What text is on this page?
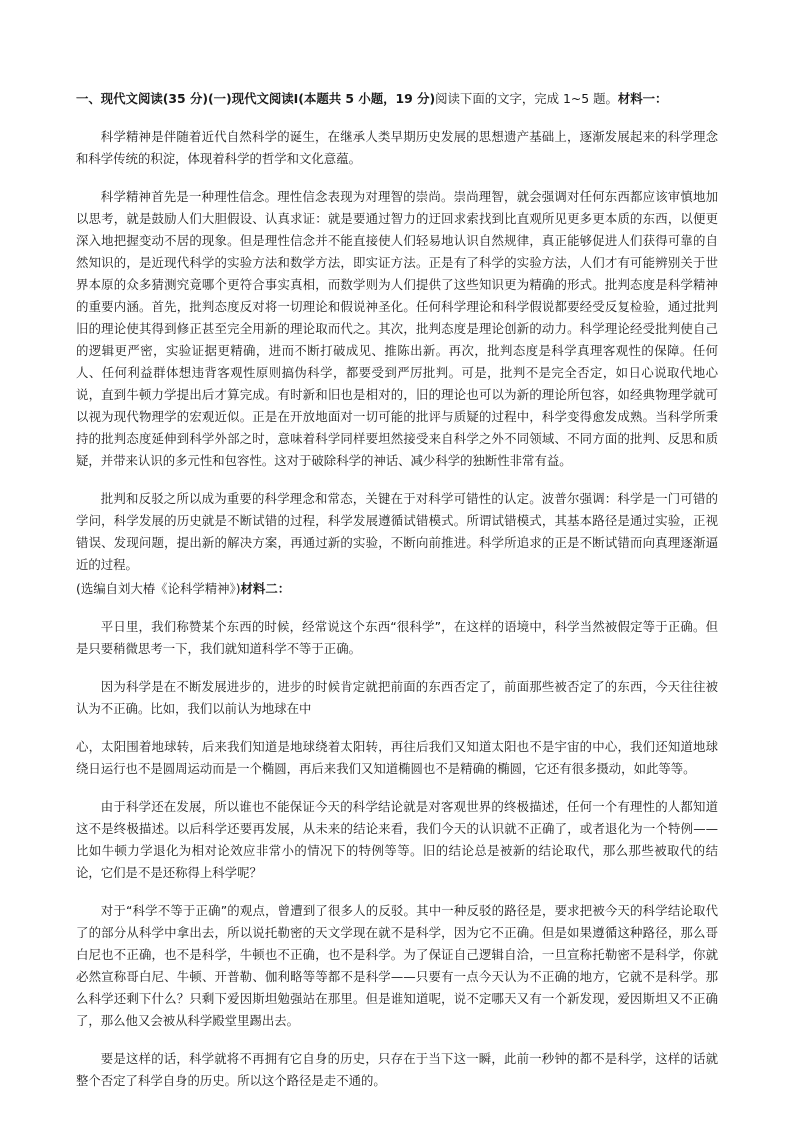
一、现代文阅读(35 分)(一)现代文阅读Ⅰ(本题共 5 小题，19 分)阅读下面的文字，完成 1~5 题。材料一：

科学精神是伴随着近代自然科学的诞生，在继承人类早期历史发展的思想遗产基础上，逐渐发展起来的科学理念和科学传统的积淀，体现着科学的哲学和文化意蕴。

科学精神首先是一种理性信念。理性信念表现为对理智的崇尚。崇尚理智，就会强调对任何东西都应该审慎地加以思考，就是鼓励人们大胆假设、认真求证：就是要通过智力的迂回求索找到比直观所见更多更本质的东西，以便更深入地把握变动不居的现象。但是理性信念并不能直接使人们轻易地认识自然规律，真正能够促进人们获得可靠的自然知识的，是近现代科学的实验方法和数学方法，即实证方法。正是有了科学的实验方法，人们才有可能辨别关于世界本原的众多猜测究竟哪个更符合事实真相，而数学则为人们提供了这些知识更为精确的形式。批判态度是科学精神的重要内涵。首先，批判态度反对将一切理论和假说神圣化。任何科学理论和科学假说都要经受反复检验，通过批判旧的理论使其得到修正甚至完全用新的理论取而代之。其次，批判态度是理论创新的动力。科学理论经受批判使自己的逻辑更严密，实验证据更精确，进而不断打破成见、推陈出新。再次，批判态度是科学真理客观性的保障。任何人、任何利益群体想违背客观性原则搞伪科学，都要受到严厉批判。可是，批判不是完全否定，如日心说取代地心说，直到牛顿力学提出后才算完成。有时新和旧也是相对的，旧的理论也可以为新的理论所包容，如经典物理学就可以视为现代物理学的宏观近似。正是在开放地面对一切可能的批评与质疑的过程中，科学变得愈发成熟。当科学所秉持的批判态度延伸到科学外部之时，意味着科学同样要坦然接受来自科学之外不同领域、不同方面的批判、反思和质疑，并带来认识的多元性和包容性。这对于破除科学的神话、减少科学的独断性非常有益。

批判和反驳之所以成为重要的科学理念和常态，关键在于对科学可错性的认定。波普尔强调：科学是一门可错的学问，科学发展的历史就是不断试错的过程，科学发展遵循试错模式。所谓试错模式，其基本路径是通过实验，正视错误、发现问题，提出新的解决方案，再通过新的实验，不断向前推进。科学所追求的正是不断试错而向真理逐渐逼近的过程。

(选编自刘大椿《论科学精神》)材料二：

平日里，我们称赞某个东西的时候，经常说这个东西“很科学”，在这样的语境中，科学当然被假定等于正确。但是只要稍微思考一下，我们就知道科学不等于正确。

因为科学是在不断发展进步的，进步的时候肯定就把前面的东西否定了，前面那些被否定了的东西，今天往往被认为不正确。比如，我们以前认为地球在中

心，太阳围着地球转，后来我们知道是地球绕着太阳转，再往后我们又知道太阳也不是宇宙的中心，我们还知道地球绕日运行也不是圆周运动而是一个椭圆，再后来我们又知道椭圆也不是精确的椭圆，它还有很多摄动，如此等等。

由于科学还在发展，所以谁也不能保证今天的科学结论就是对客观世界的终极描述，任何一个有理性的人都知道这不是终极描述。以后科学还要再发展，从未来的结论来看，我们今天的认识就不正确了，或者退化为一个特例——比如牛顿力学退化为相对论效应非常小的情况下的特例等等。旧的结论总是被新的结论取代，那么那些被取代的结论，它们是不是还称得上科学呢？

对于“科学不等于正确”的观点，曾遭到了很多人的反驳。其中一种反驳的路径是，要求把被今天的科学结论取代了的部分从科学中拿出去，所以说托勒密的天文学现在就不是科学，因为它不正确。但是如果遵循这种路径，那么哥白尼也不正确，也不是科学，牛顿也不正确，也不是科学。为了保证自己逻辑自洽，一旦宣称托勒密不是科学，你就必然宣称哥白尼、牛顿、开普勒、伽利略等等都不是科学——只要有一点今天认为不正确的地方，它就不是科学。那么科学还剩下什么？只剩下爱因斯坦勉强站在那里。但是谁知道呢，说不定哪天又有一个新发现，爱因斯坦又不正确了，那么他又会被从科学殿堂里踢出去。

要是这样的话，科学就将不再拥有它自身的历史，只存在于当下这一瞬，此前一秒钟的都不是科学，这样的话就整个否定了科学自身的历史。所以这个路径是走不通的。
